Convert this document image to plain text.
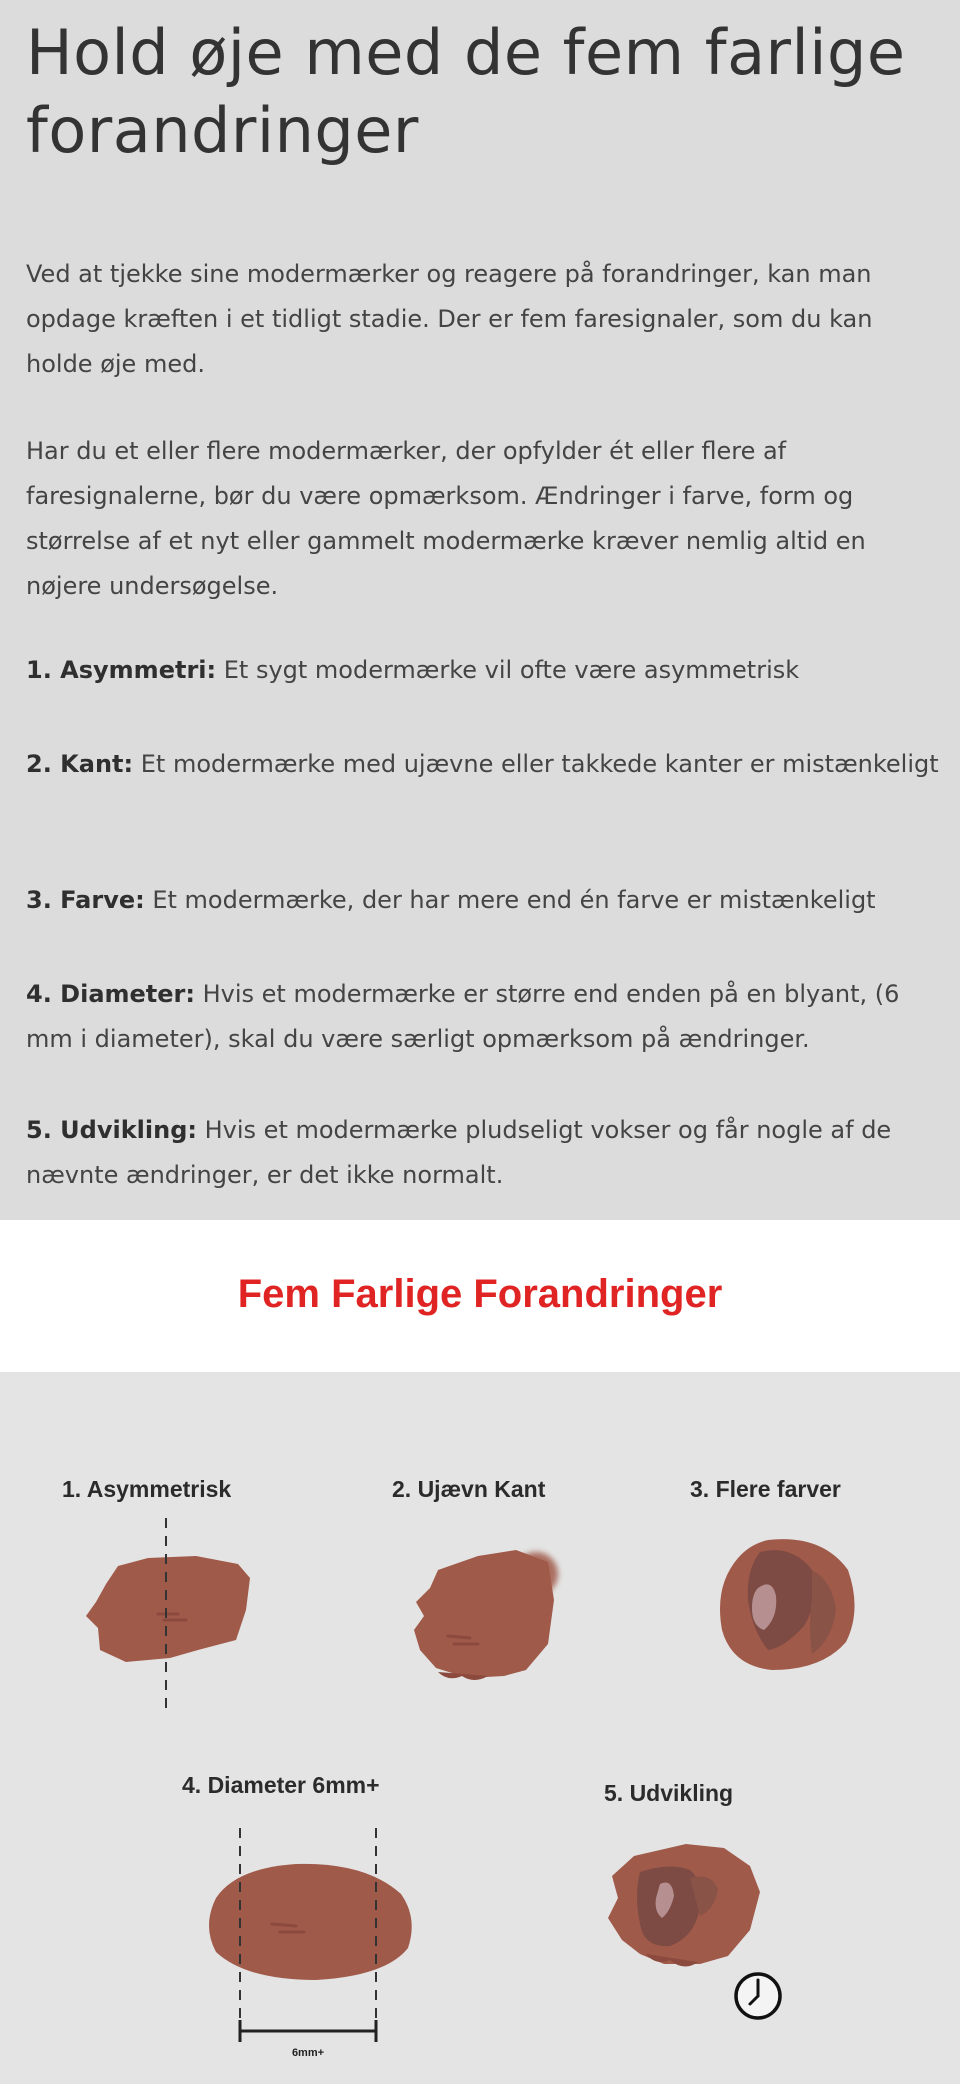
Hold øje med de fem farlige forandringer

Ved at tjekke sine modermærker og reagere på forandringer, kan man opdage kræften i et tidligt stadie. Der er fem faresignaler, som du kan holde øje med.

Har du et eller flere modermærker, der opfylder ét eller flere af faresignalerne, bør du være opmærksom. Ændringer i farve, form og størrelse af et nyt eller gammelt modermærke kræver nemlig altid en nøjere undersøgelse.

1. Asymmetri: Et sygt modermærke vil ofte være asymmetrisk

2. Kant: Et modermærke med ujævne eller takkede kanter er mistænkeligt

3. Farve: Et modermærke, der har mere end én farve er mistænkeligt

4. Diameter: Hvis et modermærke er større end enden på en blyant, (6 mm i diameter), skal du være særligt opmærksom på ændringer.

5. Udvikling: Hvis et modermærke pludseligt vokser og får nogle af de nævnte ændringer, er det ikke normalt.

Fem Farlige Forandringer
1. Asymmetrisk	2. Ujævn Kant	3. Flere farver
4. Diameter 6mm+	5. Udvikling
6mm+
